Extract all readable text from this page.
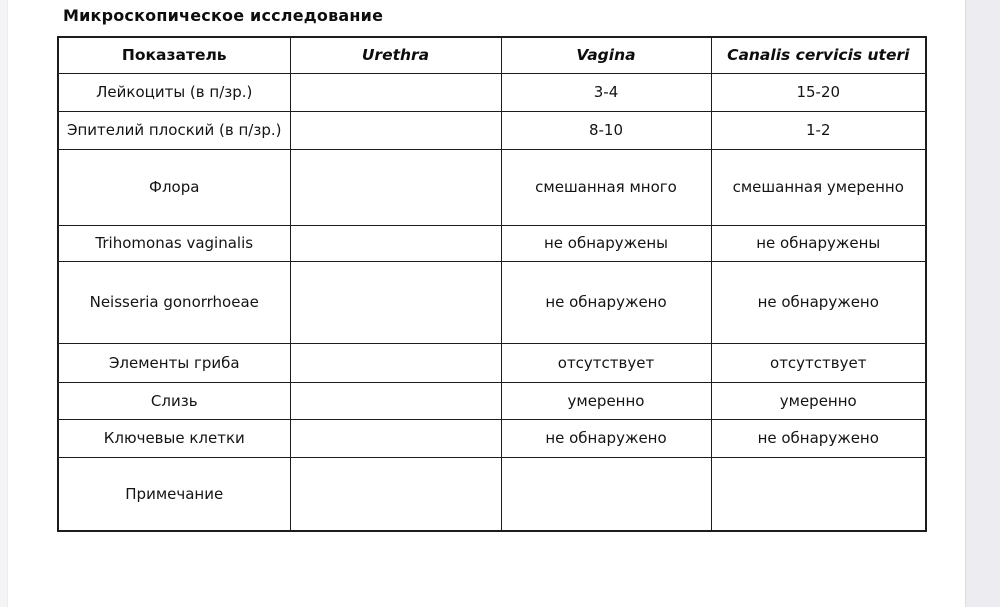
Микроскопическое исследование
Показатель	Urethra	Vagina	Canalis cervicis uteri
Лейкоциты (в п/зр.)		3-4	15-20
Эпителий плоский (в п/зр.)		8-10	1-2
Флора		смешанная много	смешанная умеренно
Trihomonas vaginalis		не обнаружены	не обнаружены
Neisseria gonorrhoeae		не обнаружено	не обнаружено
Элементы гриба		отсутствует	отсутствует
Слизь		умеренно	умеренно
Ключевые клетки		не обнаружено	не обнаружено
Примечание			
